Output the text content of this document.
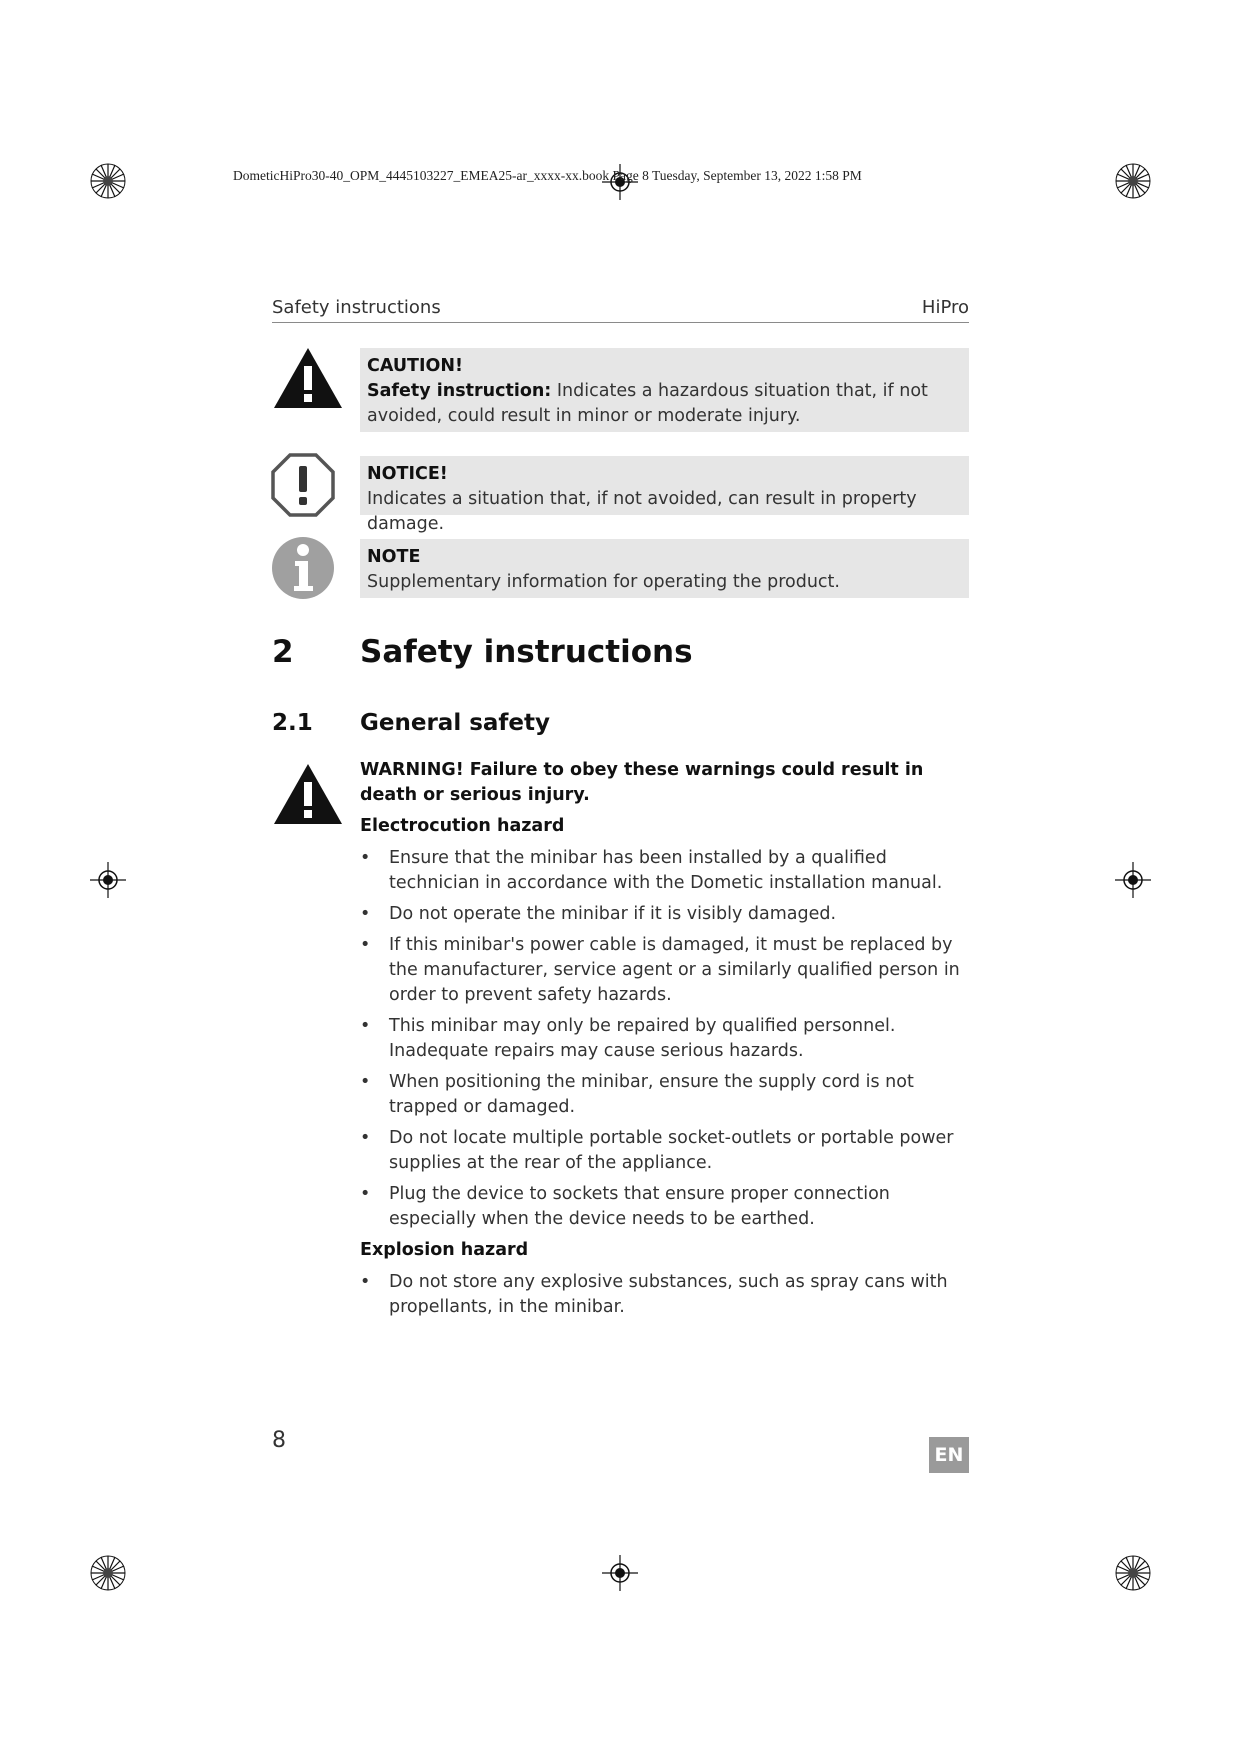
DometicHiPro30-40_OPM_4445103227_EMEA25-ar_xxxx-xx.book Page 8 Tuesday, September 13, 2022 1:58 PM
Safety instructions	HiPro
CAUTION!
Safety instruction: Indicates a hazardous situation that, if not avoided, could result in minor or moderate injury.
NOTICE!
Indicates a situation that, if not avoided, can result in property damage.
NOTE
Supplementary information for operating the product.
2 Safety instructions
2.1 General safety
WARNING! Failure to obey these warnings could result in death or serious injury.
Electrocution hazard
• Ensure that the minibar has been installed by a qualified technician in accordance with the Dometic installation manual.
• Do not operate the minibar if it is visibly damaged.
• If this minibar's power cable is damaged, it must be replaced by the manufacturer, service agent or a similarly qualified person in order to prevent safety hazards.
• This minibar may only be repaired by qualified personnel. Inadequate repairs may cause serious hazards.
• When positioning the minibar, ensure the supply cord is not trapped or damaged.
• Do not locate multiple portable socket-outlets or portable power supplies at the rear of the appliance.
• Plug the device to sockets that ensure proper connection especially when the device needs to be earthed.
Explosion hazard
• Do not store any explosive substances, such as spray cans with propellants, in the minibar.
8
EN
